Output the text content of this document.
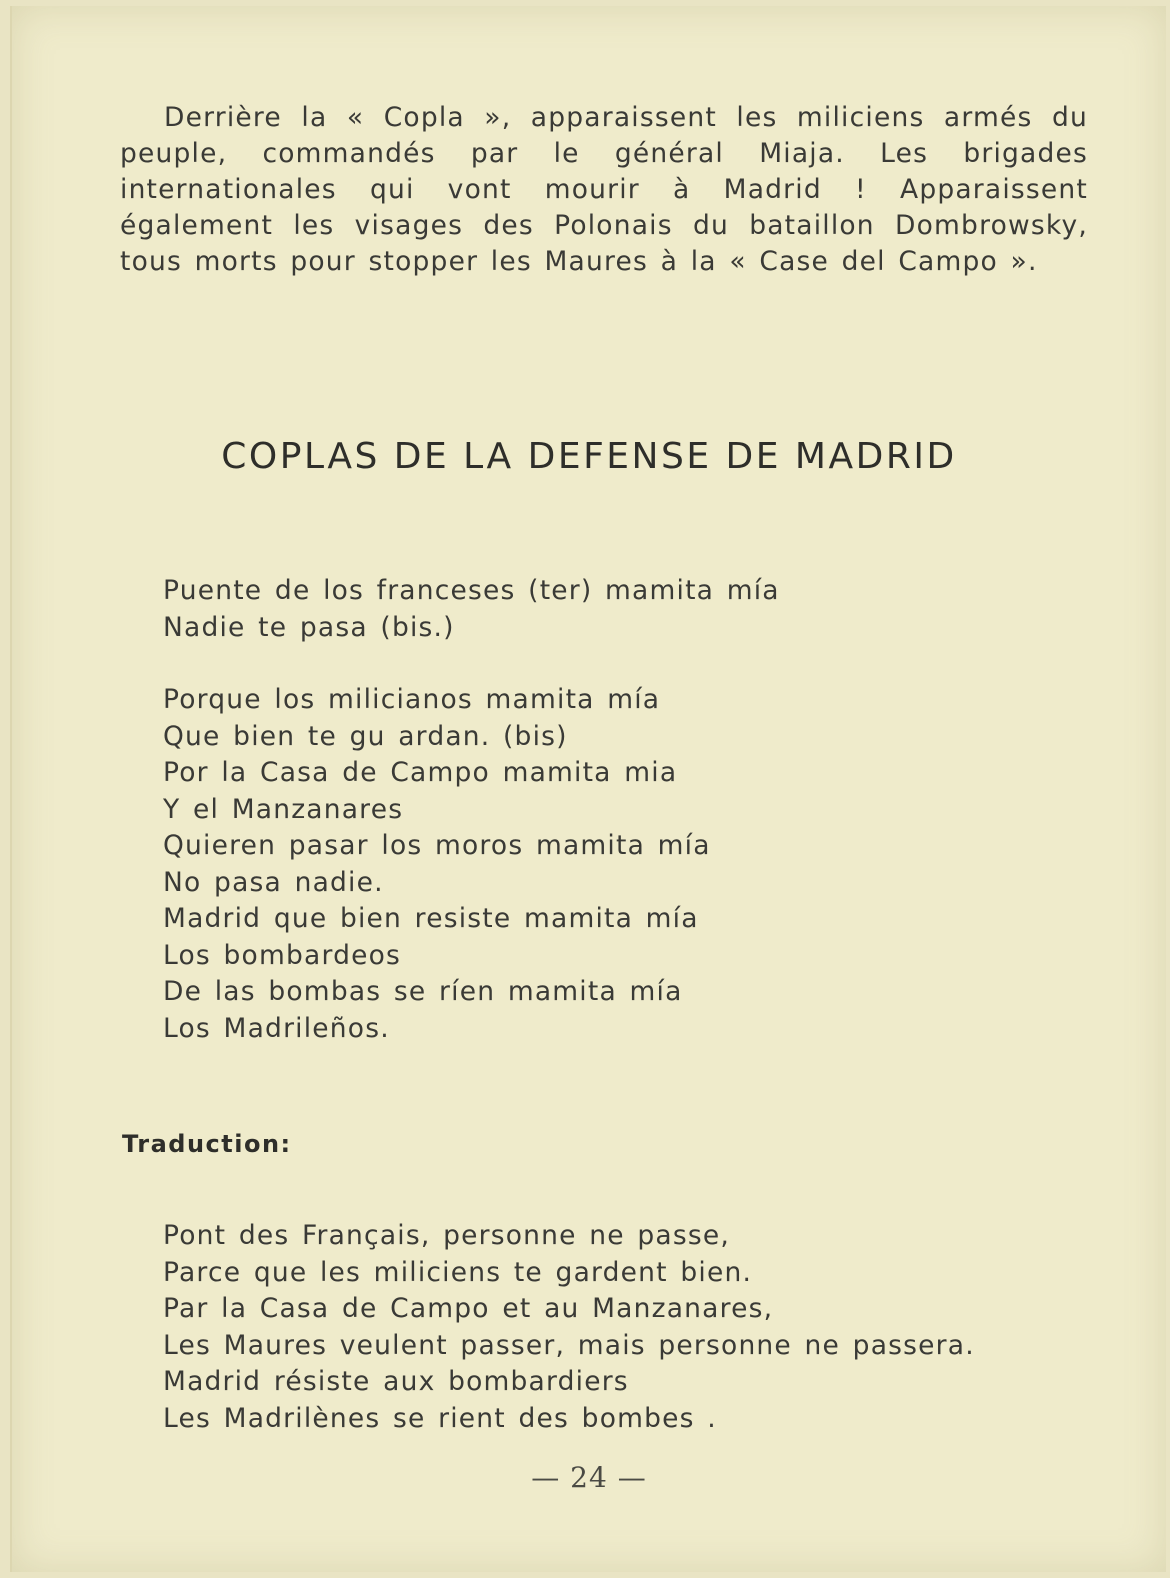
Derrière la « Copla », apparaissent les miliciens armés du peuple, commandés par le général Miaja. Les brigades internationales qui vont mourir à Madrid ! Apparaissent également les visages des Polonais du bataillon Dombrowsky, tous morts pour stopper les Maures à la « Case del Campo ».

COPLAS DE LA DEFENSE DE MADRID
Puente de los franceses (ter) mamita mía
Nadie te pasa (bis.)
Porque los milicianos mamita mía
Que bien te gu ardan. (bis)
Por la Casa de Campo mamita mia
Y el Manzanares
Quieren pasar los moros mamita mía
No pasa nadie.
Madrid que bien resiste mamita mía
Los bombardeos
De las bombas se ríen mamita mía
Los Madrileños.
Traduction:
Pont des Français, personne ne passe,
Parce que les miliciens te gardent bien.
Par la Casa de Campo et au Manzanares,
Les Maures veulent passer, mais personne ne passera.
Madrid résiste aux bombardiers
Les Madrilènes se rient des bombes .
— 24 —
